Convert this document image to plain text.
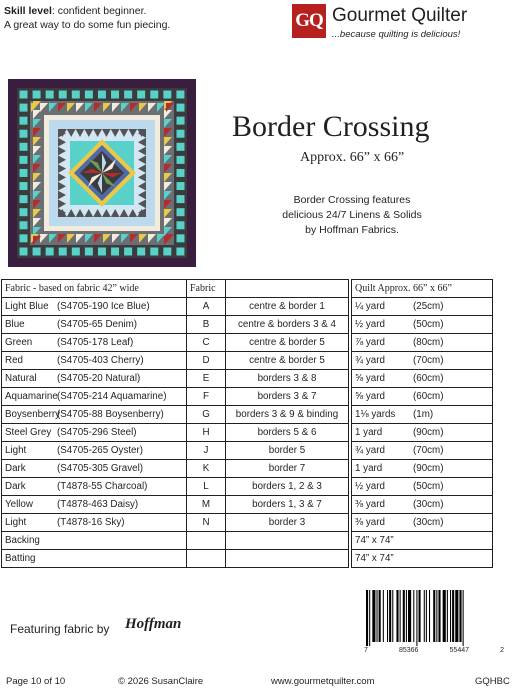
Skill level: confident beginner.
A great way to do some fun piecing.	GQ Gourmet Quilter
...because quilting is delicious!
Border Crossing
Approx. 66” x 66”
Border Crossing features
delicious 24/7 Linens & Solids
by Hoffman Fabrics.
Fabric - based on fabric 42” wide	Fabric			Quilt Approx. 66” x 66”
Light Blue (S4705-190 Ice Blue)	A	centre & border 1		¼ yard (25cm)
Blue (S4705-65 Denim)	B	centre & borders 3 & 4		½ yard (50cm)
Green (S4705-178 Leaf)	C	centre & border 5		⅞ yard (80cm)
Red (S4705-403 Cherry)	D	centre & border 5		¾ yard (70cm)
Natural (S4705-20 Natural)	E	borders 3 & 8		⅝ yard (60cm)
Aquamarine(S4705-214 Aquamarine)	F	borders 3 & 7		⅝ yard (60cm)
Boysenberry(S4705-88 Boysenberry)	G	borders 3 & 9 & binding		1⅛ yards (1m)
Steel Grey (S4705-296 Steel)	H	borders 5 & 6		1 yard (90cm)
Light (S4705-265 Oyster)	J	border 5		¾ yard (70cm)
Dark (S4705-305 Gravel)	K	border 7		1 yard (90cm)
Dark (T4878-55 Charcoal)	L	borders 1, 2 & 3		½ yard (50cm)
Yellow (T4878-463 Daisy)	M	borders 1, 3 & 7		⅜ yard (30cm)
Light (T4878-16 Sky)	N	border 3		⅜ yard (30cm)
Backing				74” x 74”
Batting				74” x 74”
7	85366	55447	2
Featuring fabric by Hoffman
Page 10 of 10	© 2026 SusanClaire	www.gourmetquilter.com	GQHBC
